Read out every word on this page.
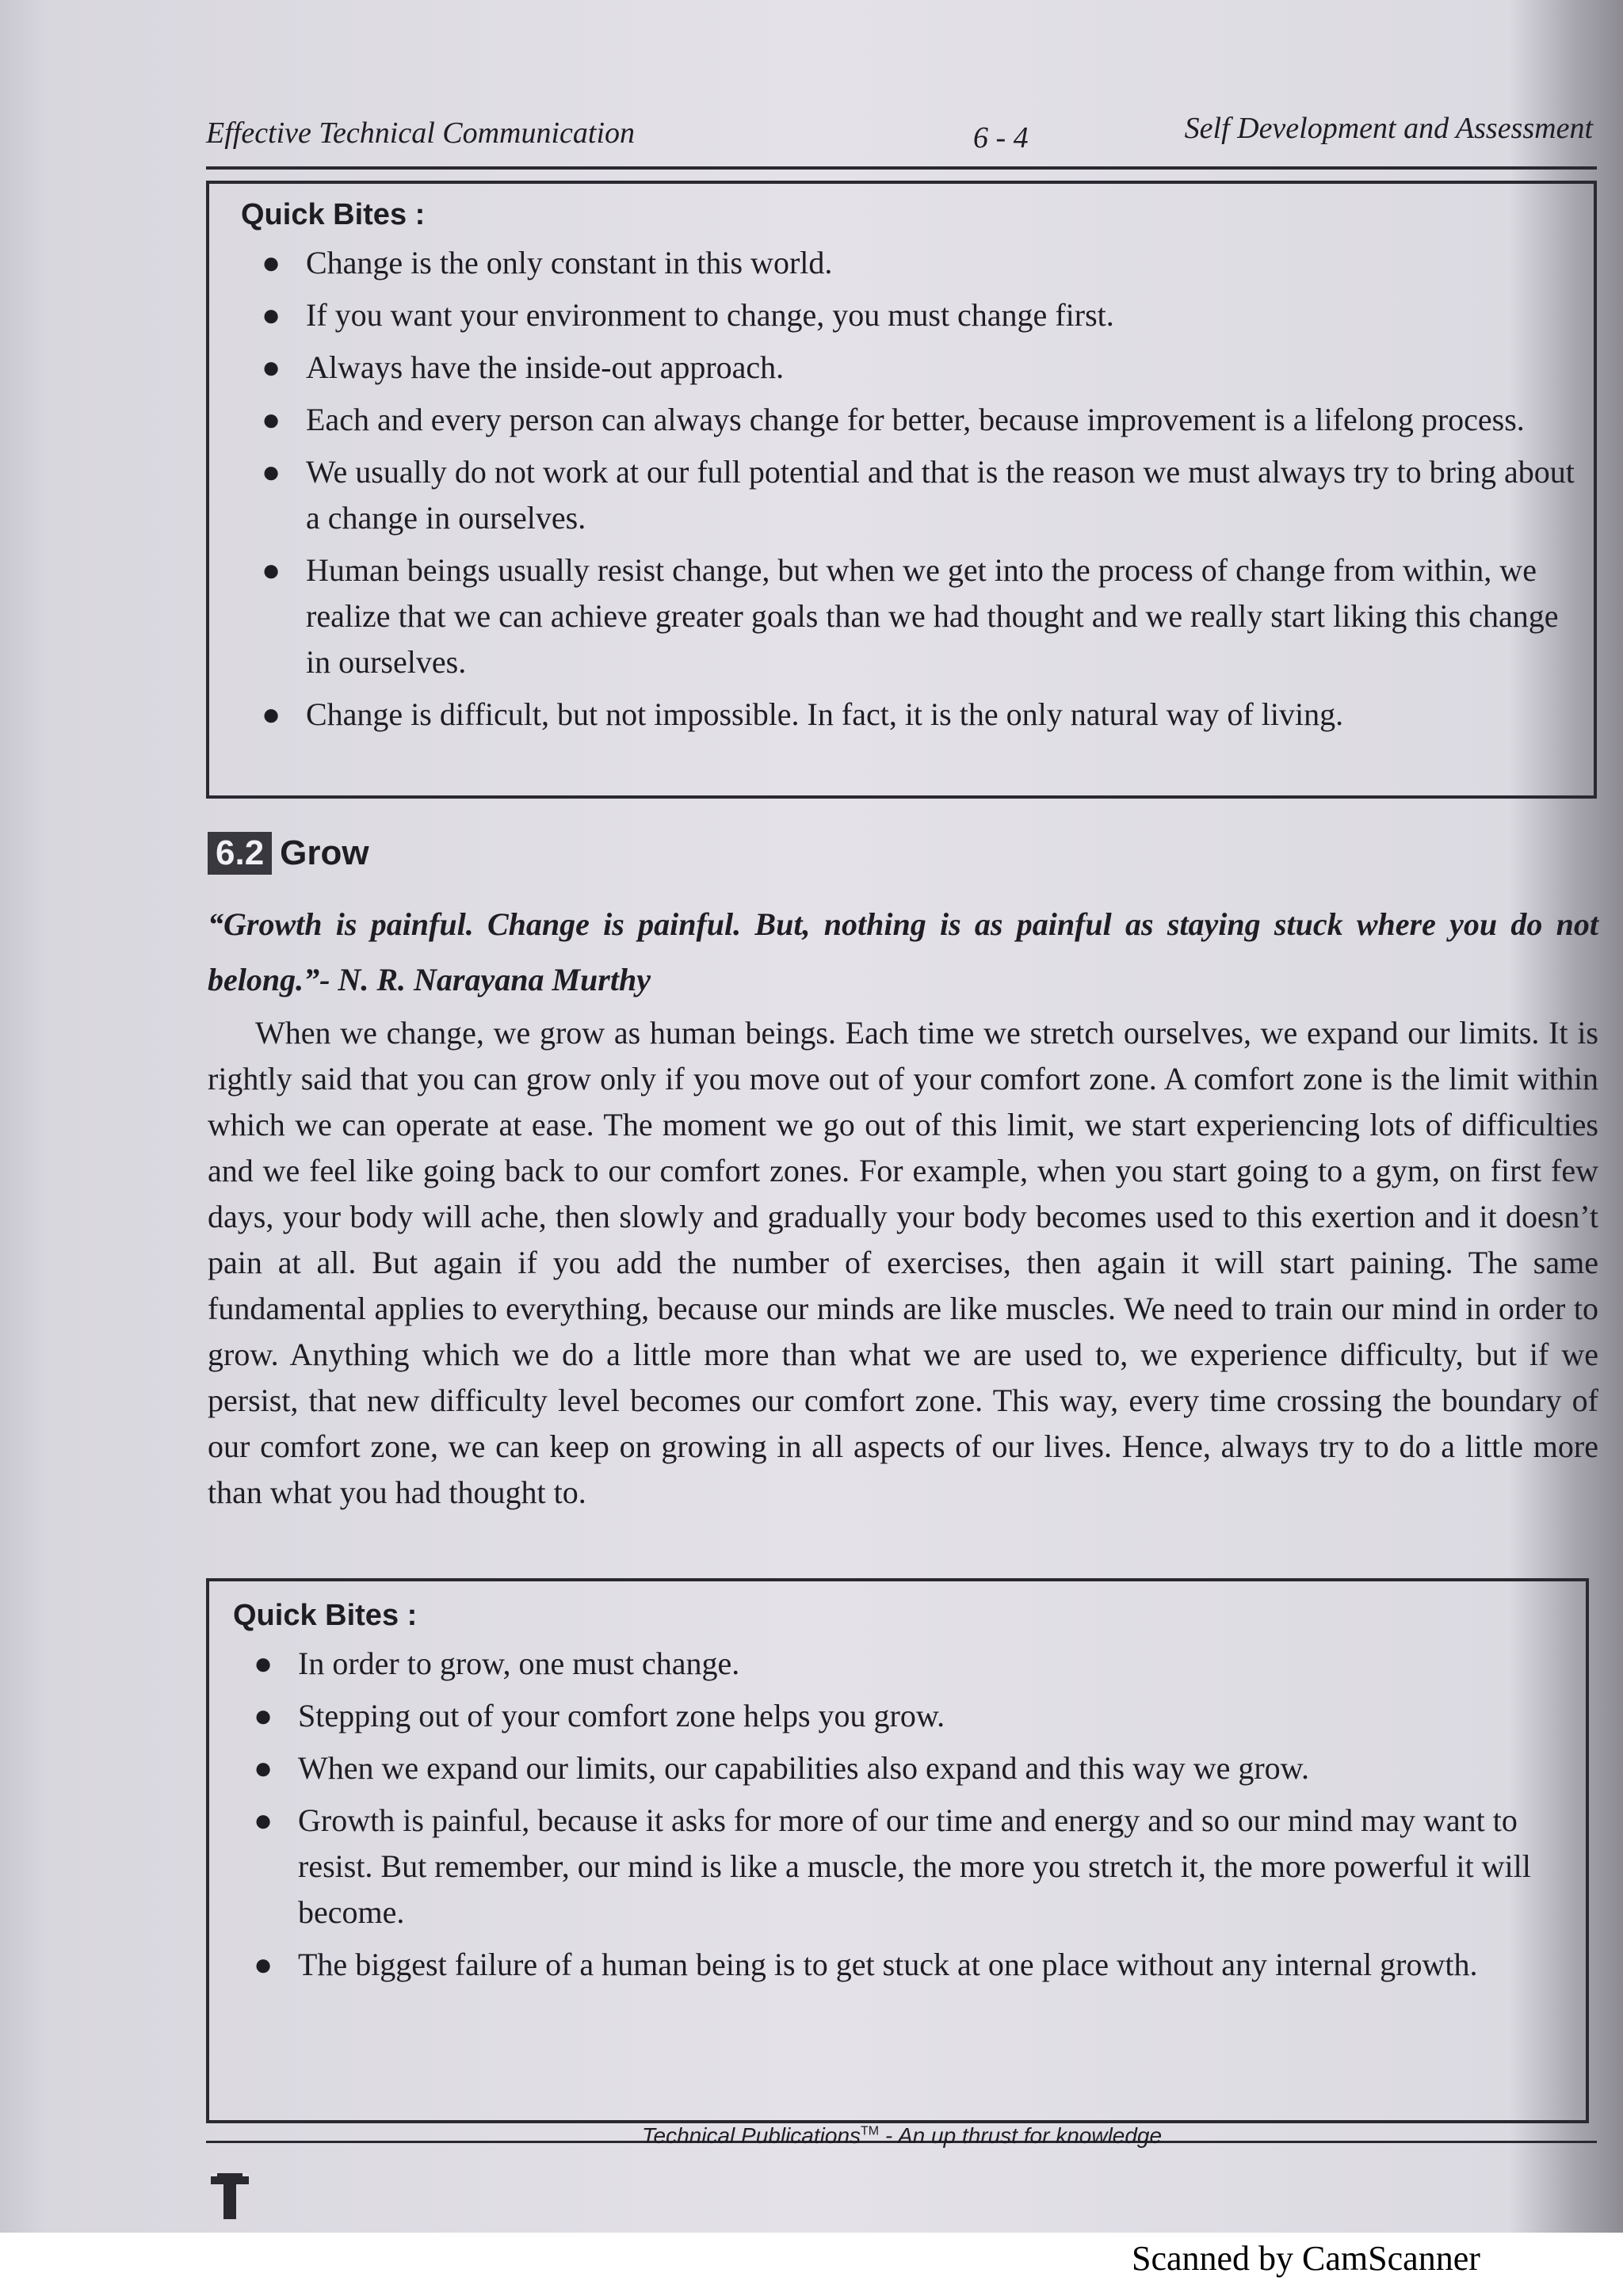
Effective Technical Communication	6 - 4	Self Development and Assessment
Quick Bites :
● Change is the only constant in this world.
● If you want your environment to change, you must change first.
● Always have the inside-out approach.
● Each and every person can always change for better, because improvement is a lifelong process.
● We usually do not work at our full potential and that is the reason we must always try to bring about a change in ourselves.
● Human beings usually resist change, but when we get into the process of change from within, we realize that we can achieve greater goals than we had thought and we really start liking this change in ourselves.
● Change is difficult, but not impossible. In fact, it is the only natural way of living.
6.2 Grow
“Growth is painful. Change is painful. But, nothing is as painful as staying stuck where you do not belong.”- N. R. Narayana Murthy
When we change, we grow as human beings. Each time we stretch ourselves, we expand our limits. It is rightly said that you can grow only if you move out of your comfort zone. A comfort zone is the limit within which we can operate at ease. The moment we go out of this limit, we start experiencing lots of difficulties and we feel like going back to our comfort zones. For example, when you start going to a gym, on first few days, your body will ache, then slowly and gradually your body becomes used to this exertion and it doesn’t pain at all. But again if you add the number of exercises, then again it will start paining. The same fundamental applies to everything, because our minds are like muscles. We need to train our mind in order to grow. Anything which we do a little more than what we are used to, we experience difficulty, but if we persist, that new difficulty level becomes our comfort zone. This way, every time crossing the boundary of our comfort zone, we can keep on growing in all aspects of our lives. Hence, always try to do a little more than what you had thought to.
Quick Bites :
● In order to grow, one must change.
● Stepping out of your comfort zone helps you grow.
● When we expand our limits, our capabilities also expand and this way we grow.
● Growth is painful, because it asks for more of our time and energy and so our mind may want to resist. But remember, our mind is like a muscle, the more you stretch it, the more powerful it will become.
● The biggest failure of a human being is to get stuck at one place without any internal growth.
Technical Publications™ - An up thrust for knowledge
Scanned by CamScanner
